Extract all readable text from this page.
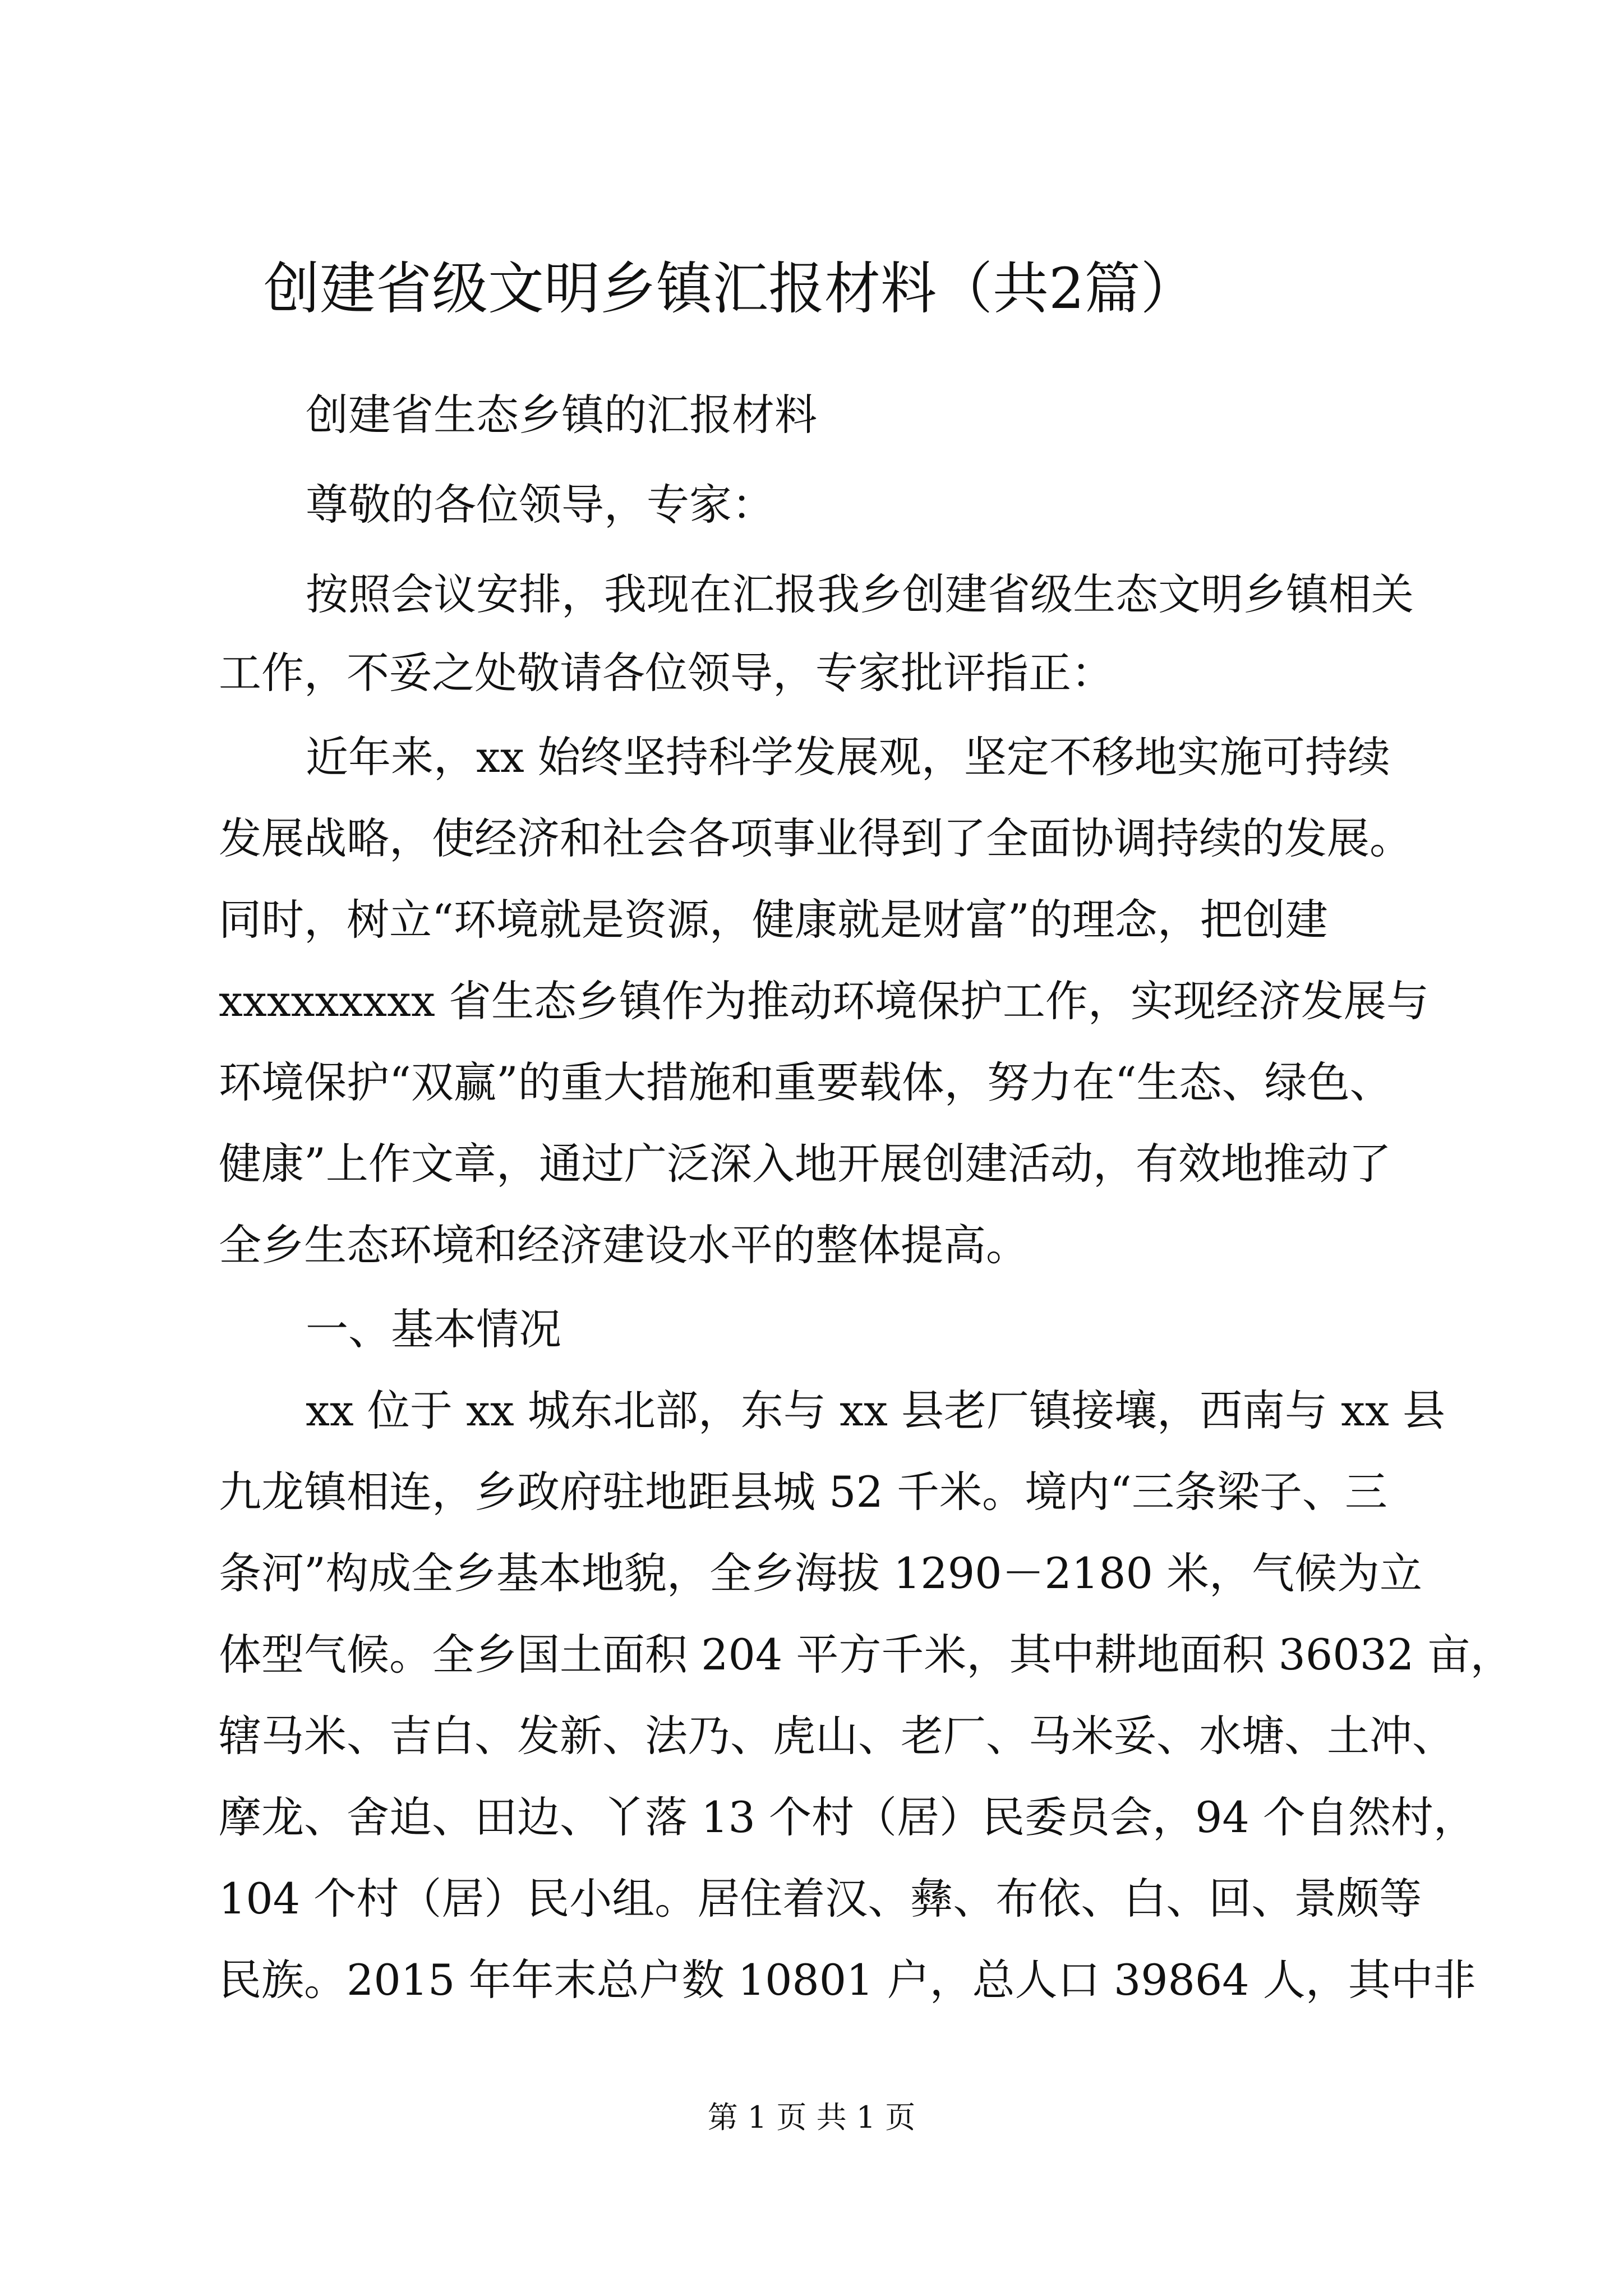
创建省级文明乡镇汇报材料（共2篇）
创建省生态乡镇的汇报材料
尊敬的各位领导，专家：
按照会议安排，我现在汇报我乡创建省级生态文明乡镇相关
工作，不妥之处敬请各位领导，专家批评指正：
近年来，xx 始终坚持科学发展观，坚定不移地实施可持续
发展战略，使经济和社会各项事业得到了全面协调持续的发展。
同时，树立“环境就是资源，健康就是财富”的理念，把创建
xxxxxxxxx 省生态乡镇作为推动环境保护工作，实现经济发展与
环境保护“双赢”的重大措施和重要载体，努力在“生态、绿色、
健康”上作文章，通过广泛深入地开展创建活动，有效地推动了
全乡生态环境和经济建设水平的整体提高。
一、基本情况
xx 位于 xx 城东北部，东与 xx 县老厂镇接壤，西南与 xx 县
九龙镇相连，乡政府驻地距县城 52 千米。境内“三条梁子、三
条河”构成全乡基本地貌，全乡海拔 1290－2180 米，气候为立
体型气候。全乡国土面积 204 平方千米，其中耕地面积 36032 亩，
辖马米、吉白、发新、法乃、虎山、老厂、马米妥、水塘、土冲、
摩龙、舍迫、田边、丫落 13 个村（居）民委员会，94 个自然村，
104 个村（居）民小组。居住着汉、彝、布依、白、回、景颇等
民族。2015 年年末总户数 10801 户，总人口 39864 人，其中非
第 1 页 共 1 页
